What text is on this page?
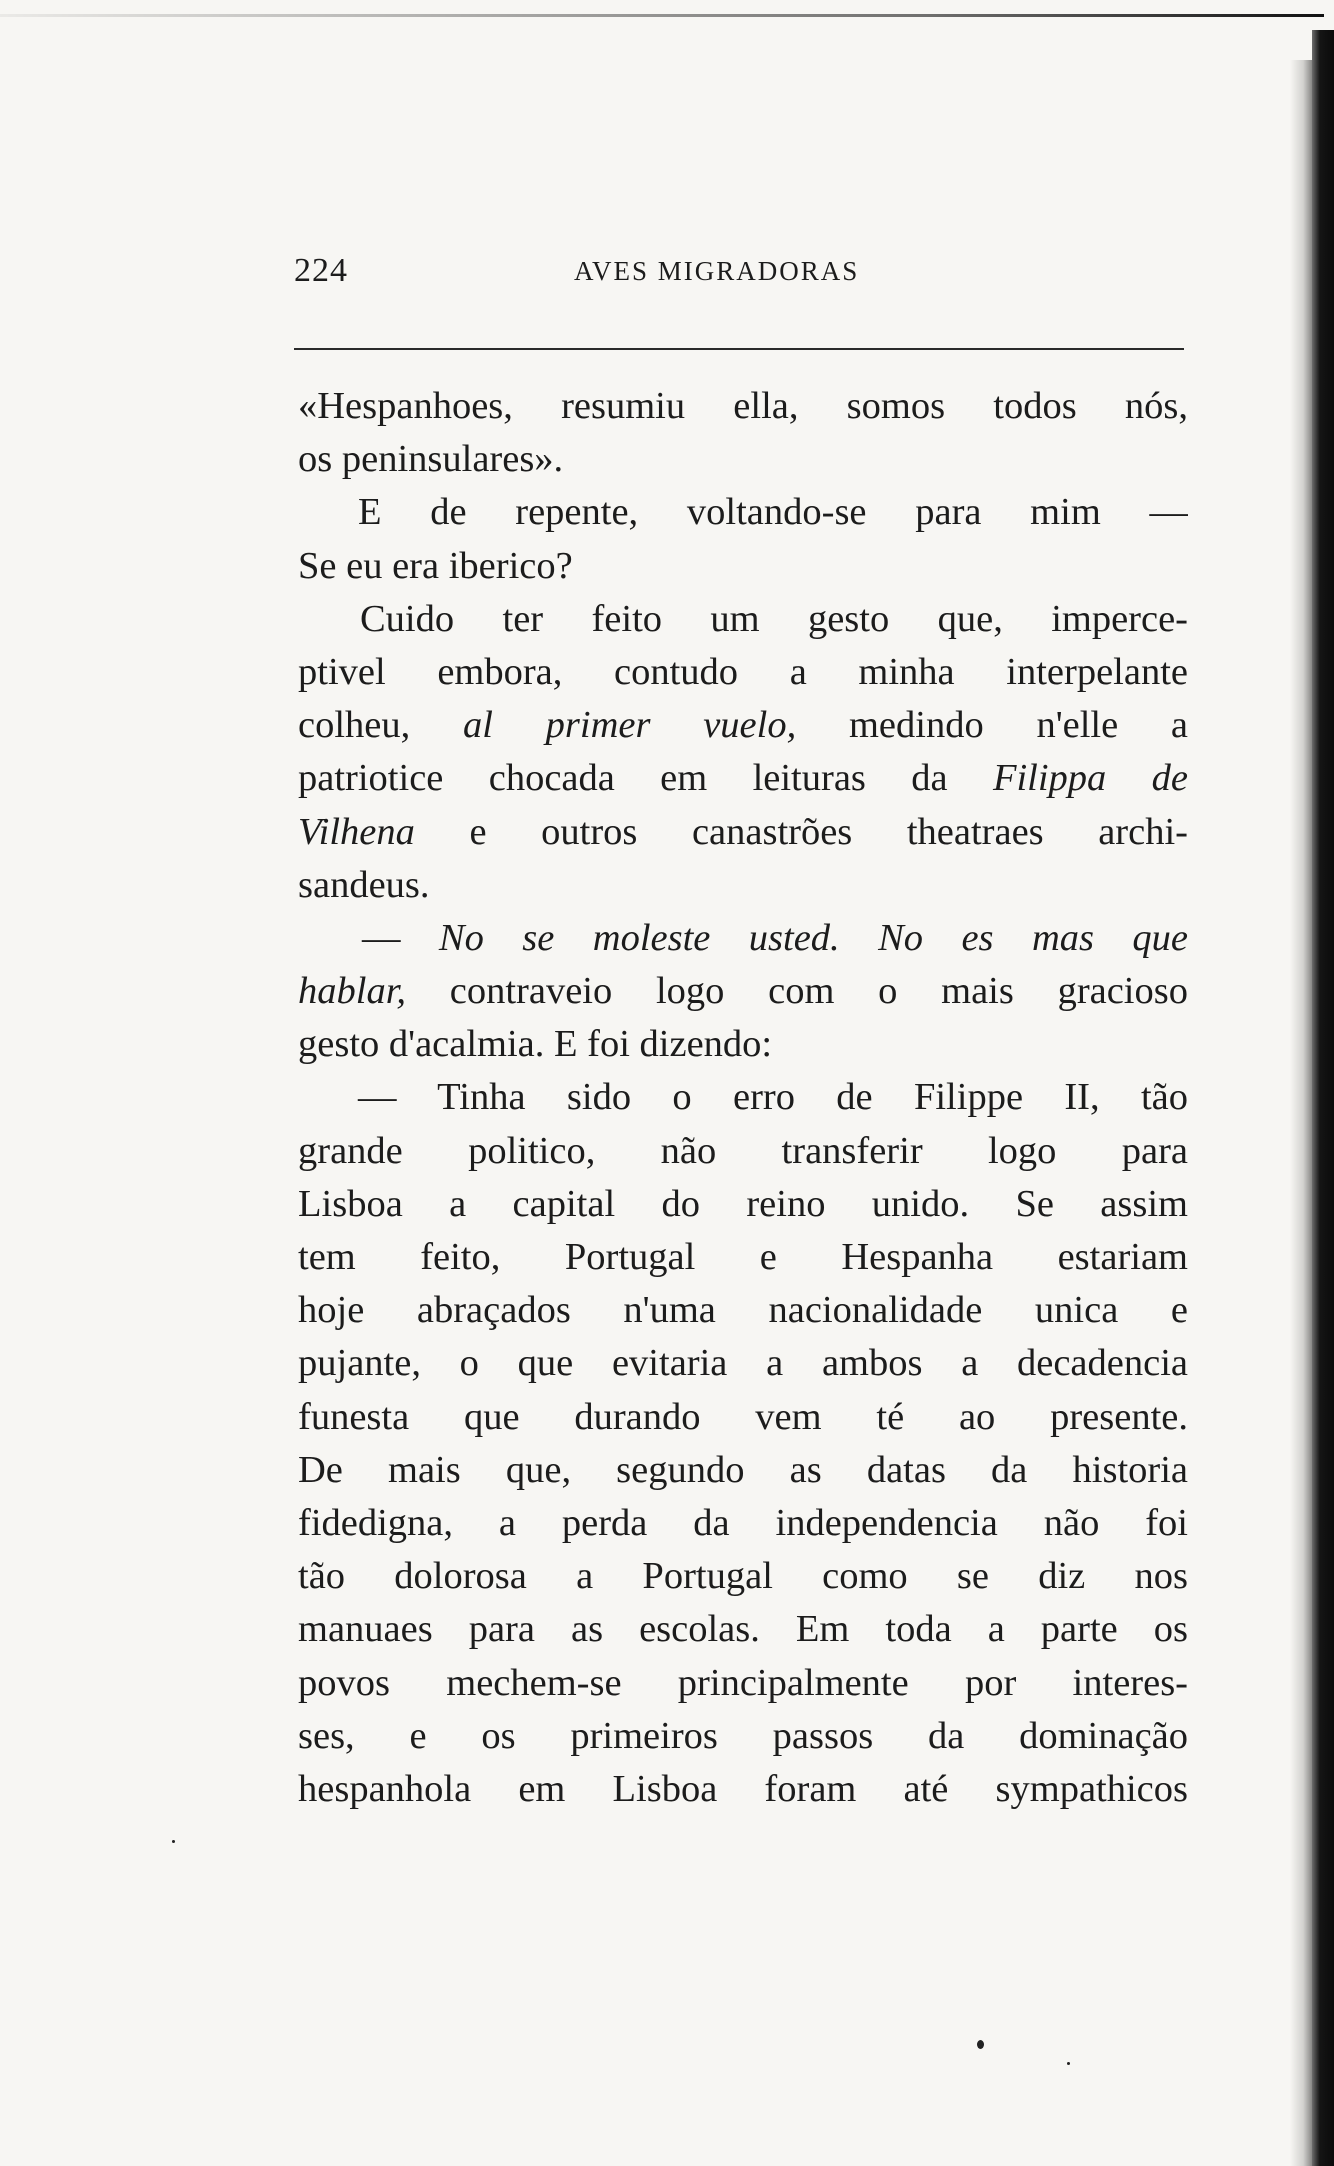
224	AVES MIGRADORAS
«Hespanhoes, resumiu ella, somos todos nós,
os peninsulares».
E de repente, voltando-se para mim —
Se eu era iberico?
Cuido ter feito um gesto que, imperce-
ptivel embora, contudo a minha interpelante
colheu, al primer vuelo, medindo n'elle a
patriotice chocada em leituras da Filippa de
Vilhena e outros canastrões theatraes archi-
sandeus.
— No se moleste usted. No es mas que
hablar, contraveio logo com o mais gracioso
gesto d'acalmia. E foi dizendo:
— Tinha sido o erro de Filippe II, tão
grande politico, não transferir logo para
Lisboa a capital do reino unido. Se assim
tem feito, Portugal e Hespanha estariam
hoje abraçados n'uma nacionalidade unica e
pujante, o que evitaria a ambos a decadencia
funesta que durando vem té ao presente.
De mais que, segundo as datas da historia
fidedigna, a perda da independencia não foi
tão dolorosa a Portugal como se diz nos
manuaes para as escolas. Em toda a parte os
povos mechem-se principalmente por interes-
ses, e os primeiros passos da dominação
hespanhola em Lisboa foram até sympathicos
